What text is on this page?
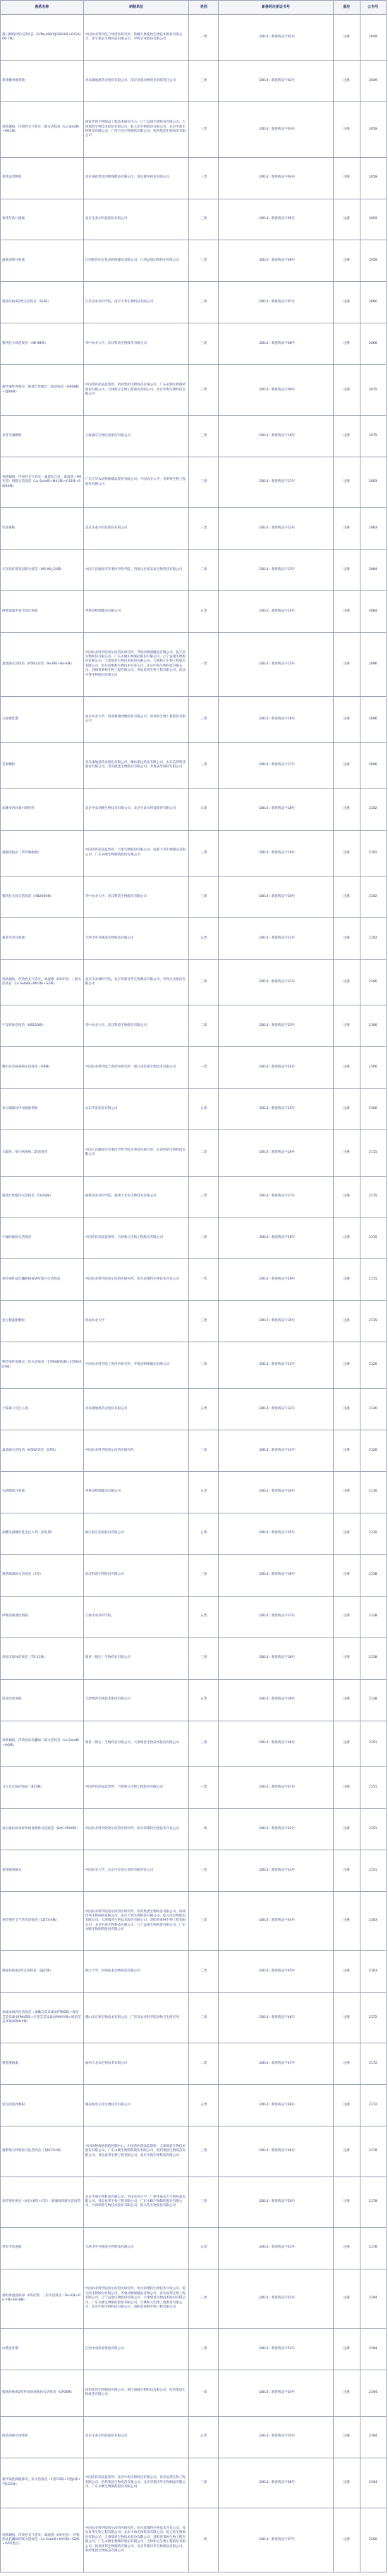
兽药名称	研制单位	类别	新兽药注册证书号	备注	公告号
猪口蹄疫O型灭活疫苗（O/Mya98/XJ/2010株+O/GX/09-7株）	中国农业科学院兰州兽医研究所、新疆天康畜牧生物技术股份有限公司、金宇保灵生物药品有限公司、中牧实业股份有限公司	一类	（2014）新兽药证字01号	注册	2049
黄芪藿香地黄散	青岛康地恩药业股份有限公司、南京金盾动物药业有限责任公司	三类	（2014）新兽药证字02号	注册	2049
鸡新城疫、传染性支气管炎二联灭活疫苗（La Sota株+M41株）	国家兽用生物制品工程技术研究中心、辽宁益康生物股份有限公司、天津瑞普生物技术股份有限公司、乾元浩生物股份有限公司、北京中海生物科技有限公司、广西丰园生物制药有限公司、哈药集团生物疫苗有限公司	三类	（2014）新兽药证字03号	注册	2059
黄芪益肾颗粒	北京国药集团动物保健品有限公司、保定冀中药业有限公司	三类	（2014）新兽药证字04号	注册	2059
黄芪芍药口服液	北京生泰尔科技股份有限公司	三类	（2014）新兽药证字05号	注册	2059
蒲地消肿注射液	江西新世纪民星动物保健品有限公司、江西益康动物药业有限公司	三类	（2014）新兽药证字06号	注册	2059
猪圆环病毒2型灭活疫苗（SH株）	江苏省农业科学院、南京天邦生物科技有限公司	三类	（2014）新兽药证字07号	注册	2066
猪伪狂犬病活疫苗（HB-98株）	华中农业大学、武汉科前生物股份有限公司	三类	（2014）新兽药证字08号	注册	2066
猪传染性胃肠炎、猪流行性腹泻二联活疫苗（HB08株+ZJ08株）	中国兽医药品监察所、哈药集团生物疫苗有限公司、广东永顺生物制药股份有限公司、吉林和元生物工程股份有限公司、北京中海生物科技有限公司	三类	（2014）新兽药证字09号	注册	2075
双冬芩感颗粒	上海浦东生物医药股份有限公司	三类	（2014）新兽药证字10号	注册	2075
鸡新城疫、传染性支气管炎、减蛋综合征、禽流感（H9亚型）四联灭活疫苗（La Sota株+M41株+K-11株+SS/94株）	广东大华农动物保健品股份有限公司、中国农业大学、普莱柯生物工程股份有限公司	三类	（2014）新兽药证字11号	注册	2083
伏虎素贴	北京生泰尔科技股份有限公司	三类	（2014）新兽药证字12号	注册	2083
羊布氏杆菌基因缺失疫苗（M5-90△26株）	中国人民解放军军事医学科学院、内蒙古必威安泰生物科技有限公司	二类	（2014）新兽药证字13号	注册	2084
阿维菌素甲氧苄啶注射液	齐鲁动物保健品有限公司	五类	（2014）新兽药证字14号	注册	2084
禽流感灭活疫苗（H5N1亚型，Re-6株+Re-4株）	中国农业科学院哈尔滨兽医研究所、齐鲁动物保健品有限公司、乾元浩生物股份有限公司、广东永顺生物制药股份有限公司、辽宁益康生物股份有限公司、天津瑞普生物技术股份有限公司、吉林和元生物工程股份有限公司、哈尔滨维科生物技术开发公司、北京中海生物科技有限公司、洛阳普莱柯生物工程有限公司、青岛易邦生物工程有限公司、武汉中博生物股份有限公司	一类	（2014）新兽药证字15号	注册	2096
九仙催乳散	南京农业大学、河南牧翔动物药业有限公司、普莱柯生物工程股份有限公司	三类	（2014）新兽药证字16号	注册	2096
苦参颗粒	青岛康地恩药业股份有限公司、潍坊诺达药业有限公司、山东信得科技股份有限公司、青岛蔚蓝生物股份有限公司、齐鲁晟华制药有限公司	三类	（2014）新兽药证字17号	注册	2096
盐酸多西环素可溶性粉	北京中农劲腾生物技术有限公司、北京生泰尔科技股份有限公司	五类	（2014）新兽药证字18号	注册	2102
猪瘟活疫苗（传代细胞源）	中国兽医药品监察所、天康生物股份有限公司、成都天邦生物制品有限公司、广东永顺生物制药股份有限公司	三类	（2014）新兽药证字19号	注册	2102
猪伪狂犬病灭活疫苗（HB2000株）	华中农业大学、武汉科前生物股份有限公司	三类	（2014）新兽药证字20号	注册	2102
氟苯尼考注射液	天津市中升挑战生物科技有限公司	五类	（2014）新兽药证字21号	注册	2102
鸡新城疫、传染性支气管炎、禽流感（H9亚型）三联灭活疫苗（La Sota株+M41株+SZ株）	北京市农林科学院、北京华都诗华生物制品有限公司、中牧实业股份有限公司	三类	（2014）新兽药证字22号	注册	2106
牛支原体活疫苗（HB150株）	华中农业大学、武汉科前生物股份有限公司	二类	（2014）新兽药证字23号	注册	2106
鸭坦布苏病毒病灭活疫苗（HB株）	中国农业科学院上海兽医研究所、浙江诺倍威生物技术有限公司	一类	（2014）新兽药证字24号	注册	2106
复方磺胺间甲氧嘧啶钠粉	山东齐发药业有限公司	五类	（2014）新兽药证字25号	注册	2106
犬瘟热、细小病毒病二联活疫苗	中国人民解放军军事医学科学院军事兽医研究所、长春西诺生物科技有限公司	二类	（2014）新兽药证字26号	注册	2115
猪流行性腹泻灭活疫苗（CH/FJ株）	福建省农业科学院、福州大北农生物技术有限公司	三类	（2014）新兽药证字27号	注册	2115
牛副结核病灭活疫苗	中国兽医药品监察所、吉林和元生物工程股份有限公司	二类	（2014）新兽药证字28号	注册	2115
鸡传染性法氏囊病病毒VP2蛋白灭活疫苗	中国农业科学院哈尔滨兽医研究所、哈尔滨维科生物技术开发公司	一类	（2014）新兽药证字29号	注册	2115
复方板蓝根颗粒	河南农业大学	三类	（2014）新兽药证字30号	注册	2115
鸭传染性浆膜炎二价灭活疫苗（1型RABYD株+2型RAZ07株）	中国农业科学院上海兽医研究所、齐鲁动物保健品有限公司	三类	（2014）新兽药证字31号	注册	2126
土霉素子宫注入剂	青岛康地恩药业股份有限公司	五类	（2014）新兽药证字32号	注册	2126
禽流感灭活疫苗（H5N2亚型，D7株）	中国农业科学院哈尔滨兽医研究所	三类	（2014）新兽药证字33号	注册	2126
头孢噻呋注射液	齐鲁动物保健品有限公司	五类	（2014）新兽药证字34号	注册	2130
盐酸头孢噻呋乳房注入剂（泌乳期）	浙江海正药业股份有限公司	五类	（2014）新兽药证字35号	注册	2130
猪链球菌病灭活疫苗（2型）	武汉科前生物股份有限公司	三类	（2014）新兽药证字36号	注册	2138
伊维菌素透皮溶液	上海市农业科学院	五类	（2014）新兽药证字37号	注册	2138
鸡毒支原体活疫苗（TS-11株）	瑞普（保定）生物药业有限公司	三类	（2014）新兽药证字38号	注册	2138
恩诺沙星溶液	天津瑞普生物技术股份有限公司	五类	（2014）新兽药证字39号	注册	2138
鸡新城疫、传染性法氏囊病二联灭活疫苗（La Sota株+HQ株）	瑞普（保定）生物药业有限公司、天津瑞普生物技术股份有限公司	三类	（2014）新兽药证字40号	注册	2151
马立克氏病活疫苗（814株）	中国兽医药品监察所、吉林和元生物工程股份有限公司	三类	（2014）新兽药证字41号	注册	2151
兔出血症病毒杆状病毒载体灭活疫苗（BAC-VP60株）	中国农业科学院哈尔滨兽医研究所、哈尔滨维科生物技术开发公司	一类	（2014）新兽药证字42号	注册	2151
黄连解毒微丸	中国农业大学、北京中农华正兽药有限责任公司	三类	（2014）新兽药证字43号	注册	2151
鸡传染性支气管炎活疫苗（LDT3-A株）	中国农业科学院哈尔滨兽医研究所、哈药集团生物疫苗有限公司、扬州优邦生物制药有限公司、南京天邦生物科技有限公司、乾元浩生物股份有限公司、天津瑞普生物技术股份有限公司、洛阳普莱柯生物工程有限公司、北京中海生物科技有限公司、辽宁益康生物股份有限公司、广东永顺生物制药股份有限公司	三类	（2014）新兽药证字44号	注册	2163
猪圆环病毒2型灭活疫苗（ZJ/C株）	浙江大学、杭州佑本动物疫苗有限公司	三类	（2014）新兽药证字45号	注册	2163
鸡球虫病四价活疫苗（柔嫩艾美耳球虫PTMZ株+毒害艾美耳球虫PNHZ株+巨型艾美耳球虫PMHY株+堆型艾美耳球虫PAHY株）	佛山市正典生物技术有限公司、广东省农业科学院动物卫生研究所	二类	（2014）新兽药证字46号	注册	2172
猪乳酸菌素	福州大北农生物技术有限公司	二类	（2014）新兽药证字47号	注册	2172
复方阿莫西林粉	湖南加农正和生物技术有限公司	五类	（2014）新兽药证字48号	注册	2172
猪繁殖与呼吸综合征活疫苗（TJM-F92株）	中国动物疫病预防控制中心、中国兽医药品监察所、天津瑞普生物技术股份有限公司、广东永顺生物制药股份有限公司、哈药集团生物疫苗有限公司、青岛易邦生物工程有限公司、北京中海生物科技有限公司	三类	（2014）新兽药证字49号	注册	2178
鸡传染性鼻炎（A型+B型+C型）、新城疫四联灭活疫苗	北京中海生物科技有限公司、华南农业大学、广州华南农大生物药品有限公司、青岛易邦生物工程有限公司、广东永顺生物制药股份有限公司、天津瑞普生物技术股份有限公司、乾元浩生物股份有限公司	三类	（2014）新兽药证字50号	注册	2178
替米考星溶液	天津市中升挑战生物科技有限公司	五类	（2014）新兽药证字51号	注册	2178
重组禽流感病毒（H5亚型）三价灭活疫苗（Re-6株+Re-7株+Re-8株）	中国农业科学院哈尔滨兽医研究所、哈尔滨维科生物技术开发公司、乾元浩生物股份有限公司、齐鲁动物保健品有限公司、青岛易邦生物工程有限公司、辽宁益康生物股份有限公司、天津瑞普生物技术股份有限公司、广东永顺生物制药股份有限公司、吉林和元生物工程股份有限公司、北京中海生物科技有限公司、洛阳普莱柯生物工程有限公司	三类	（2014）新兽药证字52号	注册	2194
山楂麦芽散	江西中成药业集团有限公司	三类	（2014）新兽药证字53号	注册	2194
猪圆环病毒2型杆状病毒载体灭活疫苗（CP08株）	扬州优邦生物制药有限公司、浙江海隆生物科技有限公司、哈药集团生物疫苗有限公司	一类	（2014）新兽药证字54号	注册	2194
阿莫西林可溶性粉	北京生泰尔科技股份有限公司	五类	（2014）新兽药证字55号	注册	2194
猪传染性胸膜肺炎三价灭活疫苗（1型CD株+2型JL株+7型GZ株）	中国兽医药品监察所、北京中海生物科技有限公司、青岛易邦生物工程有限公司、哈药集团生物疫苗有限公司、北京华都诗华生物制品有限公司、广东永顺生物制药股份有限公司	三类	（2014）新兽药证字56号	注册	2194
鸡新城疫、传染性支气管炎、禽流感（H9亚型）、传染性法氏囊病四联灭活疫苗（La Sota株+M41株+SZ株+rVP2蛋白）	中国农业科学院哈尔滨兽医研究所、哈尔滨维科生物技术开发公司、青岛易邦生物工程有限公司、北京中海生物科技有限公司、乾元浩生物股份有限公司、天津瑞普生物技术股份有限公司、洛阳普莱柯生物工程有限公司、广东永顺生物制药股份有限公司、吉林和元生物工程股份有限公司、扬州优邦生物制药有限公司、北京华都诗华生物制品有限公司、哈药集团生物疫苗有限公司	一类	（2014）新兽药证字57号	注册	2200
